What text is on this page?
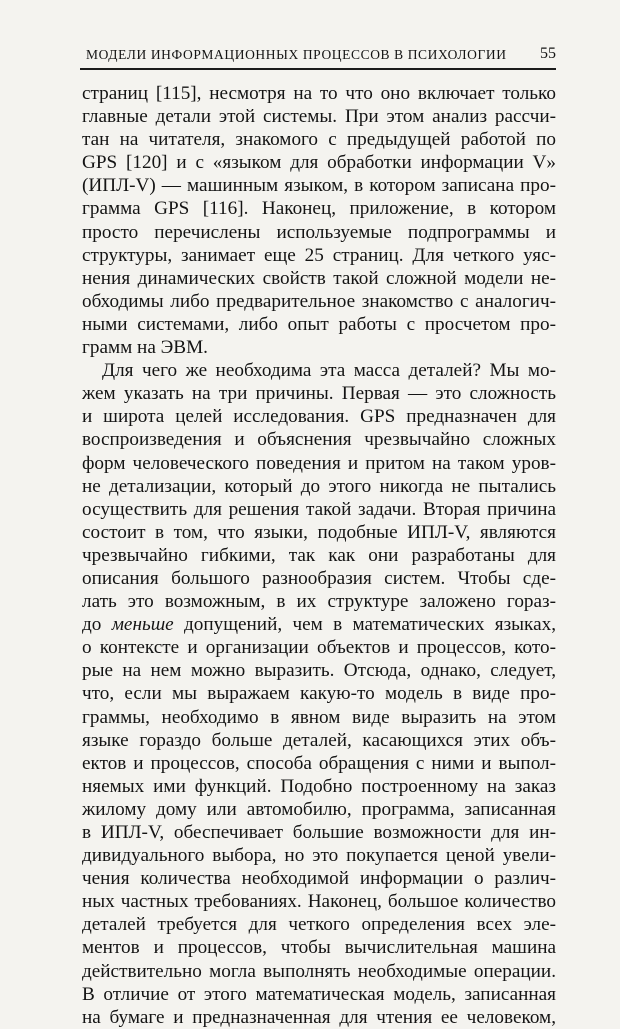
МОДЕЛИ ИНФОРМАЦИОННЫХ ПРОЦЕССОВ В ПСИХОЛОГИИ 55
страниц [115], несмотря на то что оно включает только
главные детали этой системы. При этом анализ рассчи-
тан на читателя, знакомого с предыдущей работой по
GPS [120] и с «языком для обработки информации V»
(ИПЛ-V) — машинным языком, в котором записана про-
грамма GPS [116]. Наконец, приложение, в котором
просто перечислены используемые подпрограммы и
структуры, занимает еще 25 страниц. Для четкого уяс-
нения динамических свойств такой сложной модели не-
обходимы либо предварительное знакомство с аналогич-
ными системами, либо опыт работы с просчетом про-
грамм на ЭВМ.
Для чего же необходима эта масса деталей? Мы мо-
жем указать на три причины. Первая — это сложность
и широта целей исследования. GPS предназначен для
воспроизведения и объяснения чрезвычайно сложных
форм человеческого поведения и притом на таком уров-
не детализации, который до этого никогда не пытались
осуществить для решения такой задачи. Вторая причина
состоит в том, что языки, подобные ИПЛ-V, являются
чрезвычайно гибкими, так как они разработаны для
описания большого разнообразия систем. Чтобы сде-
лать это возможным, в их структуре заложено гораз-
до меньше допущений, чем в математических языках,
о контексте и организации объектов и процессов, кото-
рые на нем можно выразить. Отсюда, однако, следует,
что, если мы выражаем какую-то модель в виде про-
граммы, необходимо в явном виде выразить на этом
языке гораздо больше деталей, касающихся этих объ-
ектов и процессов, способа обращения с ними и выпол-
няемых ими функций. Подобно построенному на заказ
жилому дому или автомобилю, программа, записанная
в ИПЛ-V, обеспечивает большие возможности для ин-
дивидуального выбора, но это покупается ценой увели-
чения количества необходимой информации о различ-
ных частных требованиях. Наконец, большое количество
деталей требуется для четкого определения всех эле-
ментов и процессов, чтобы вычислительная машина
действительно могла выполнять необходимые операции.
В отличие от этого математическая модель, записанная
на бумаге и предназначенная для чтения ее человеком,
